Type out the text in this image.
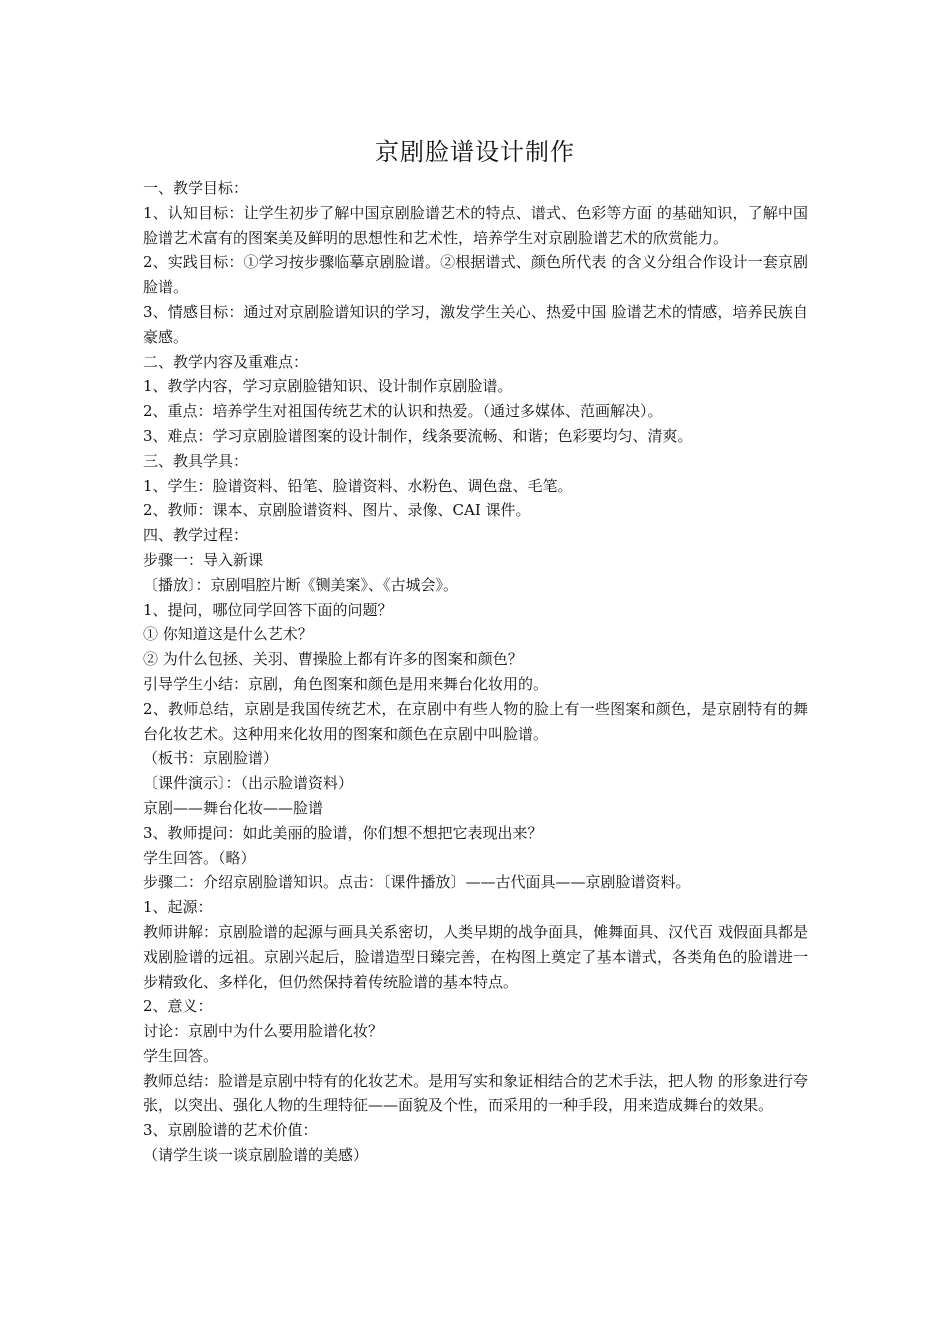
京剧脸谱设计制作

一、教学目标：

1、认知目标：让学生初步了解中国京剧脸谱艺术的特点、谱式、色彩等方面 的基础知识，了解中国脸谱艺术富有的图案美及鲜明的思想性和艺术性，培养学生对京剧脸谱艺术的欣赏能力。

2、实践目标：①学习按步骤临摹京剧脸谱。②根据谱式、颜色所代表 的含义分组合作设计一套京剧脸谱。

3、情感目标：通过对京剧脸谱知识的学习，激发学生关心、热爱中国 脸谱艺术的情感，培养民族自豪感。

二、教学内容及重难点：

1、教学内容，学习京剧脸错知识、设计制作京剧脸谱。

2、重点：培养学生对祖国传统艺术的认识和热爱。（通过多媒体、范画解决）。

3、难点：学习京剧脸谱图案的设计制作，线条要流畅、和谐；色彩要均匀、清爽。

三、教具学具：

1、学生：脸谱资料、铅笔、脸谱资料、水粉色、调色盘、毛笔。

2、教师：课本、京剧脸谱资料、图片、录像、CAI 课件。

四、教学过程：

步骤一：导入新课

〔播放〕：京剧唱腔片断《铡美案》、《古城会》。

1、提问，哪位同学回答下面的问题？

① 你知道这是什么艺术？

② 为什么包拯、关羽、曹操脸上都有许多的图案和颜色？

引导学生小结：京剧，角色图案和颜色是用来舞台化妆用的。

2、教师总结，京剧是我国传统艺术，在京剧中有些人物的脸上有一些图案和颜色，是京剧特有的舞台化妆艺术。这种用来化妆用的图案和颜色在京剧中叫脸谱。

（板书：京剧脸谱）

〔课件演示〕：（出示脸谱资料）

京剧——舞台化妆——脸谱

3、教师提问：如此美丽的脸谱，你们想不想把它表现出来？

学生回答。（略）

步骤二：介绍京剧脸谱知识。点击：〔课件播放〕——古代面具——京剧脸谱资料。

1、起源：

教师讲解：京剧脸谱的起源与画具关系密切，人类早期的战争面具，傩舞面具、汉代百 戏假面具都是戏剧脸谱的远祖。京剧兴起后，脸谱造型日臻完善，在构图上奠定了基本谱式，各类角色的脸谱进一步精致化、多样化，但仍然保持着传统脸谱的基本特点。

2、意义：

讨论：京剧中为什么要用脸谱化妆？

学生回答。

教师总结：脸谱是京剧中特有的化妆艺术。是用写实和象证相结合的艺术手法，把人物 的形象进行夸张，以突出、强化人物的生理特征——面貌及个性，而采用的一种手段，用来造成舞台的效果。

3、京剧脸谱的艺术价值：

（请学生谈一谈京剧脸谱的美感）
